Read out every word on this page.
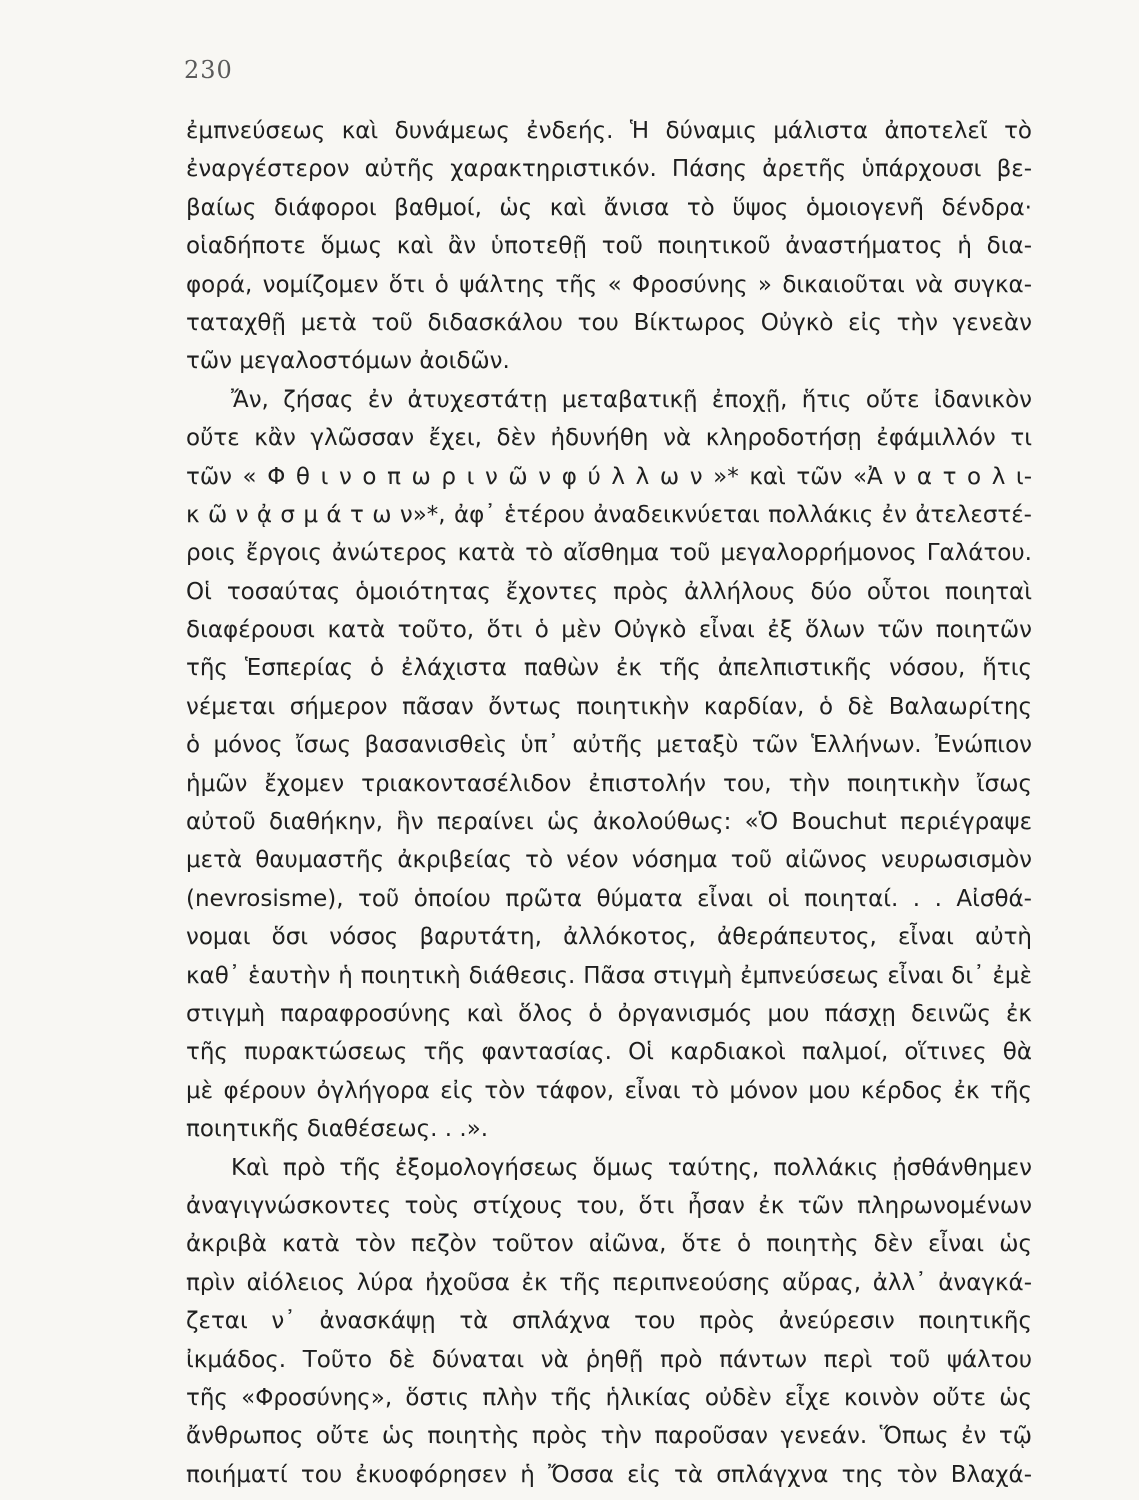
230
ἐμπνεύσεως καὶ δυνάμεως ἐνδεής. Ἡ δύναμις μάλιστα ἀποτελεῖ τὸ
ἐναργέστερον αὐτῆς χαρακτηριστικόν. Πάσης ἀρετῆς ὑπάρχουσι βε-
βαίως διάφοροι βαθμοί, ὡς καὶ ἄνισα τὸ ὕψος ὁμοιογενῆ δένδρα·
οἱαδήποτε ὅμως καὶ ἂν ὑποτεθῇ τοῦ ποιητικοῦ ἀναστήματος ἡ δια-
φορά, νομίζομεν ὅτι ὁ ψάλτης τῆς « Φροσύνης » δικαιοῦται νὰ συγκα-
ταταχθῇ μετὰ τοῦ διδασκάλου του Βίκτωρος Οὐγκὸ εἰς τὴν γενεὰν
τῶν μεγαλοστόμων ἀοιδῶν.
Ἄν, ζήσας ἐν ἀτυχεστάτῃ μεταβατικῇ ἐποχῇ, ἥτις οὔτε ἰδανικὸν
οὔτε κἂν γλῶσσαν ἔχει, δὲν ἠδυνήθη νὰ κληροδοτήσῃ ἐφάμιλλόν τι
τῶν « Φ θ ι ν ο π ω ρ ι ν ῶ ν φ ύ λ λ ω ν »* καὶ τῶν «Ἀ ν α τ ο λ ι-
κ ῶ ν ᾀ σ μ ά τ ω ν»*, ἀφ᾽ ἑτέρου ἀναδεικνύεται πολλάκις ἐν ἀτελεστέ-
ροις ἔργοις ἀνώτερος κατὰ τὸ αἴσθημα τοῦ μεγαλορρήμονος Γαλάτου.
Οἱ τοσαύτας ὁμοιότητας ἔχοντες πρὸς ἀλλήλους δύο οὗτοι ποιηταὶ
διαφέρουσι κατὰ τοῦτο, ὅτι ὁ μὲν Οὐγκὸ εἶναι ἐξ ὅλων τῶν ποιητῶν
τῆς Ἑσπερίας ὁ ἐλάχιστα παθὼν ἐκ τῆς ἀπελπιστικῆς νόσου, ἥτις
νέμεται σήμερον πᾶσαν ὄντως ποιητικὴν καρδίαν, ὁ δὲ Βαλαωρίτης
ὁ μόνος ἴσως βασανισθεὶς ὑπ᾽ αὐτῆς μεταξὺ τῶν Ἑλλήνων. Ἐνώπιον
ἡμῶν ἔχομεν τριακοντασέλιδον ἐπιστολήν του, τὴν ποιητικὴν ἴσως
αὐτοῦ διαθήκην, ἣν περαίνει ὡς ἀκολούθως: «Ὁ Bouchut περιέγραψε
μετὰ θαυμαστῆς ἀκριβείας τὸ νέον νόσημα τοῦ αἰῶνος νευρωσισμὸν
(nevrosisme), τοῦ ὁποίου πρῶτα θύματα εἶναι οἱ ποιηταί. . . Αἰσθά-
νομαι ὅσι νόσος βαρυτάτη, ἀλλόκοτος, ἀθεράπευτος, εἶναι αὐτὴ
καθ᾽ ἑαυτὴν ἡ ποιητικὴ διάθεσις. Πᾶσα στιγμὴ ἐμπνεύσεως εἶναι δι᾽ ἐμὲ
στιγμὴ παραφροσύνης καὶ ὅλος ὁ ὀργανισμός μου πάσχῃ δεινῶς ἐκ
τῆς πυρακτώσεως τῆς φαντασίας. Οἱ καρδιακοὶ παλμοί, οἵτινες θὰ
μὲ φέρουν ὀγλήγορα εἰς τὸν τάφον, εἶναι τὸ μόνον μου κέρδος ἐκ τῆς
ποιητικῆς διαθέσεως. . .».
Καὶ πρὸ τῆς ἐξομολογήσεως ὅμως ταύτης, πολλάκις ᾐσθάνθημεν
ἀναγιγνώσκοντες τοὺς στίχους του, ὅτι ἦσαν ἐκ τῶν πληρωνομένων
ἀκριβὰ κατὰ τὸν πεζὸν τοῦτον αἰῶνα, ὅτε ὁ ποιητὴς δὲν εἶναι ὡς
πρὶν αἰόλειος λύρα ἠχοῦσα ἐκ τῆς περιπνεούσης αὔρας, ἀλλ᾽ ἀναγκά-
ζεται ν᾽ ἀνασκάψῃ τὰ σπλάχνα του πρὸς ἀνεύρεσιν ποιητικῆς
ἰκμάδος. Τοῦτο δὲ δύναται νὰ ῥηθῇ πρὸ πάντων περὶ τοῦ ψάλτου
τῆς «Φροσύνης», ὅστις πλὴν τῆς ἡλικίας οὐδὲν εἶχε κοινὸν οὔτε ὡς
ἄνθρωπος οὔτε ὡς ποιητὴς πρὸς τὴν παροῦσαν γενεάν. Ὅπως ἐν τῷ
ποιήματί του ἐκυοφόρησεν ἡ Ὄσσα εἰς τὰ σπλάγχνα της τὸν Βλαχά-
